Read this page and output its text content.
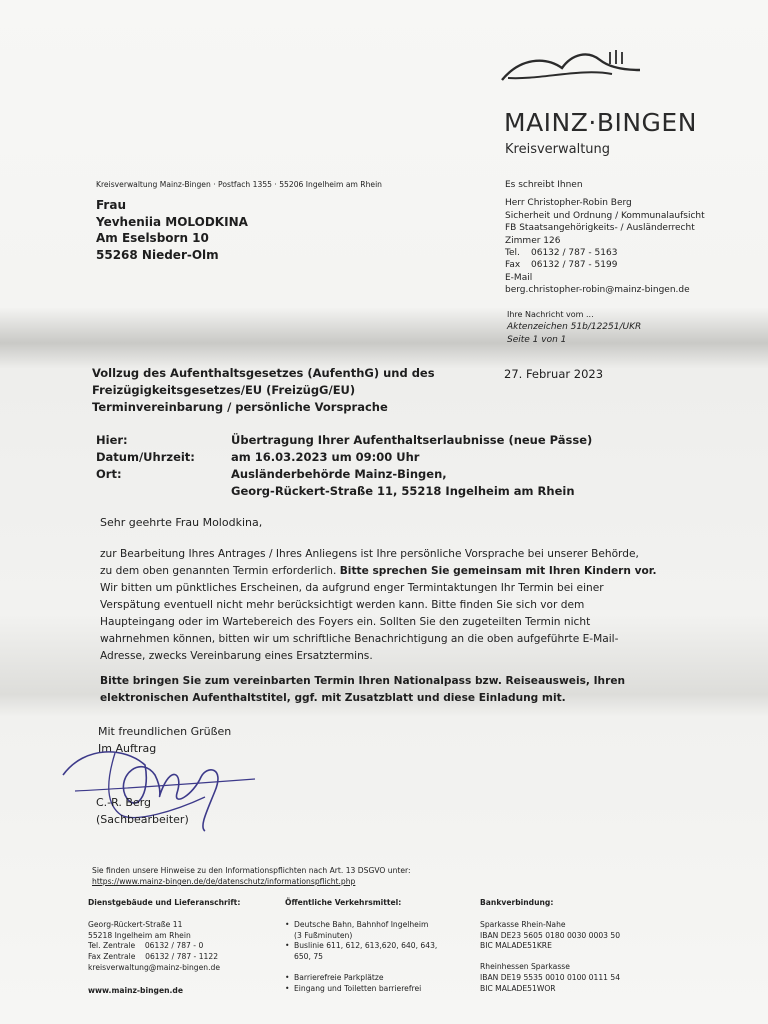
MAINZ·BINGEN
Kreisverwaltung
Kreisverwaltung Mainz-Bingen · Postfach 1355 · 55206 Ingelheim am Rhein
Frau
Yevheniia MOLODKINA
Am Eselsborn 10
55268 Nieder-Olm
Es schreibt Ihnen
Herr Christopher-Robin Berg
Sicherheit und Ordnung / Kommunalaufsicht
FB Staatsangehörigkeits- / Ausländerrecht
Zimmer 126
Tel. 06132 / 787 - 5163
Fax 06132 / 787 - 5199
E-Mail
berg.christopher-robin@mainz-bingen.de
Ihre Nachricht vom ...
Aktenzeichen 51b/12251/UKR
Seite 1 von 1
Vollzug des Aufenthaltsgesetzes (AufenthG) und des
Freizügigkeitsgesetzes/EU (FreizügG/EU)
Terminvereinbarung / persönliche Vorsprache
27. Februar 2023
Hier:	Übertragung Ihrer Aufenthaltserlaubnisse (neue Pässe)
Datum/Uhrzeit:	am 16.03.2023 um 09:00 Uhr
Ort:	Ausländerbehörde Mainz-Bingen,
Georg-Rückert-Straße 11, 55218 Ingelheim am Rhein
Sehr geehrte Frau Molodkina,
zur Bearbeitung Ihres Antrages / Ihres Anliegens ist Ihre persönliche Vorsprache bei unserer Behörde,
zu dem oben genannten Termin erforderlich. Bitte sprechen Sie gemeinsam mit Ihren Kindern vor.
Wir bitten um pünktliches Erscheinen, da aufgrund enger Termintaktungen Ihr Termin bei einer
Verspätung eventuell nicht mehr berücksichtigt werden kann. Bitte finden Sie sich vor dem
Haupteingang oder im Wartebereich des Foyers ein. Sollten Sie den zugeteilten Termin nicht
wahrnehmen können, bitten wir um schriftliche Benachrichtigung an die oben aufgeführte E-Mail-
Adresse, zwecks Vereinbarung eines Ersatztermins.
Bitte bringen Sie zum vereinbarten Termin Ihren Nationalpass bzw. Reiseausweis, Ihren
elektronischen Aufenthaltstitel, ggf. mit Zusatzblatt und diese Einladung mit.
Mit freundlichen Grüßen
Im Auftrag
C.-R. Berg
(Sachbearbeiter)
Sie finden unsere Hinweise zu den Informationspflichten nach Art. 13 DSGVO unter:
https://www.mainz-bingen.de/de/datenschutz/informationspflicht.php
Dienstgebäude und Lieferanschrift:
Georg-Rückert-Straße 11
55218 Ingelheim am Rhein
Tel. Zentrale    06132 / 787 - 0
Fax Zentrale    06132 / 787 - 1122
kreisverwaltung@mainz-bingen.de
www.mainz-bingen.de
Öffentliche Verkehrsmittel:
• Deutsche Bahn, Bahnhof Ingelheim
(3 Fußminuten)
• Buslinie 611, 612, 613,620, 640, 643,
650, 75
• Barrierefreie Parkplätze
• Eingang und Toiletten barrierefrei
Bankverbindung:
Sparkasse Rhein-Nahe
IBAN DE23 5605 0180 0030 0003 50
BIC MALADE51KRE
Rheinhessen Sparkasse
IBAN DE19 5535 0010 0100 0111 54
BIC MALADE51WOR
